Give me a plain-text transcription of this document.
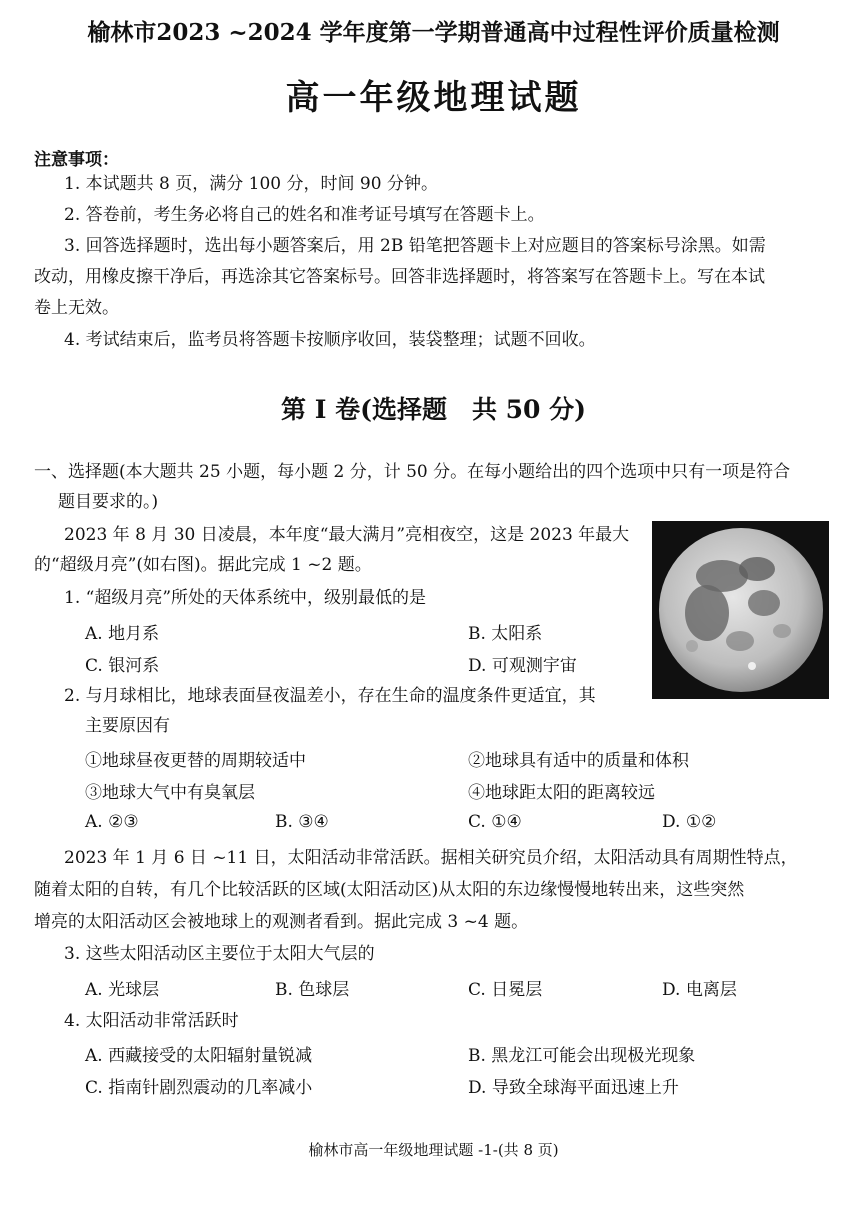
榆林市2023 ~2024 学年度第一学期普通高中过程性评价质量检测
高一年级地理试题
注意事项：
1. 本试题共 8 页，满分 100 分，时间 90 分钟。
2. 答卷前，考生务必将自己的姓名和准考证号填写在答题卡上。
3. 回答选择题时，选出每小题答案后，用 2B 铅笔把答题卡上对应题目的答案标号涂黑。如需
改动，用橡皮擦干净后，再选涂其它答案标号。回答非选择题时，将答案写在答题卡上。写在本试
卷上无效。
4. 考试结束后，监考员将答题卡按顺序收回，装袋整理；试题不回收。
第 Ⅰ 卷(选择题　共 50 分)
一、选择题(本大题共 25 小题，每小题 2 分，计 50 分。在每小题给出的四个选项中只有一项是符合
题目要求的。)
2023 年 8 月 30 日凌晨，本年度“最大满月”亮相夜空，这是 2023 年最大
的“超级月亮”(如右图)。据此完成 1 ~2 题。
1. “超级月亮”所处的天体系统中，级别最低的是
A. 地月系	B. 太阳系
C. 银河系	D. 可观测宇宙
2. 与月球相比，地球表面昼夜温差小，存在生命的温度条件更适宜，其
主要原因有
①地球昼夜更替的周期较适中	②地球具有适中的质量和体积
③地球大气中有臭氧层	④地球距太阳的距离较远
A. ②③	B. ③④	C. ①④	D. ①②
2023 年 1 月 6 日 ~11 日，太阳活动非常活跃。据相关研究员介绍，太阳活动具有周期性特点，
随着太阳的自转，有几个比较活跃的区域(太阳活动区)从太阳的东边缘慢慢地转出来，这些突然
增亮的太阳活动区会被地球上的观测者看到。据此完成 3 ~4 题。
3. 这些太阳活动区主要位于太阳大气层的
A. 光球层	B. 色球层	C. 日冕层	D. 电离层
4. 太阳活动非常活跃时
A. 西藏接受的太阳辐射量锐减	B. 黑龙江可能会出现极光现象
C. 指南针剧烈震动的几率减小	D. 导致全球海平面迅速上升
榆林市高一年级地理试题 -1-(共 8 页)
